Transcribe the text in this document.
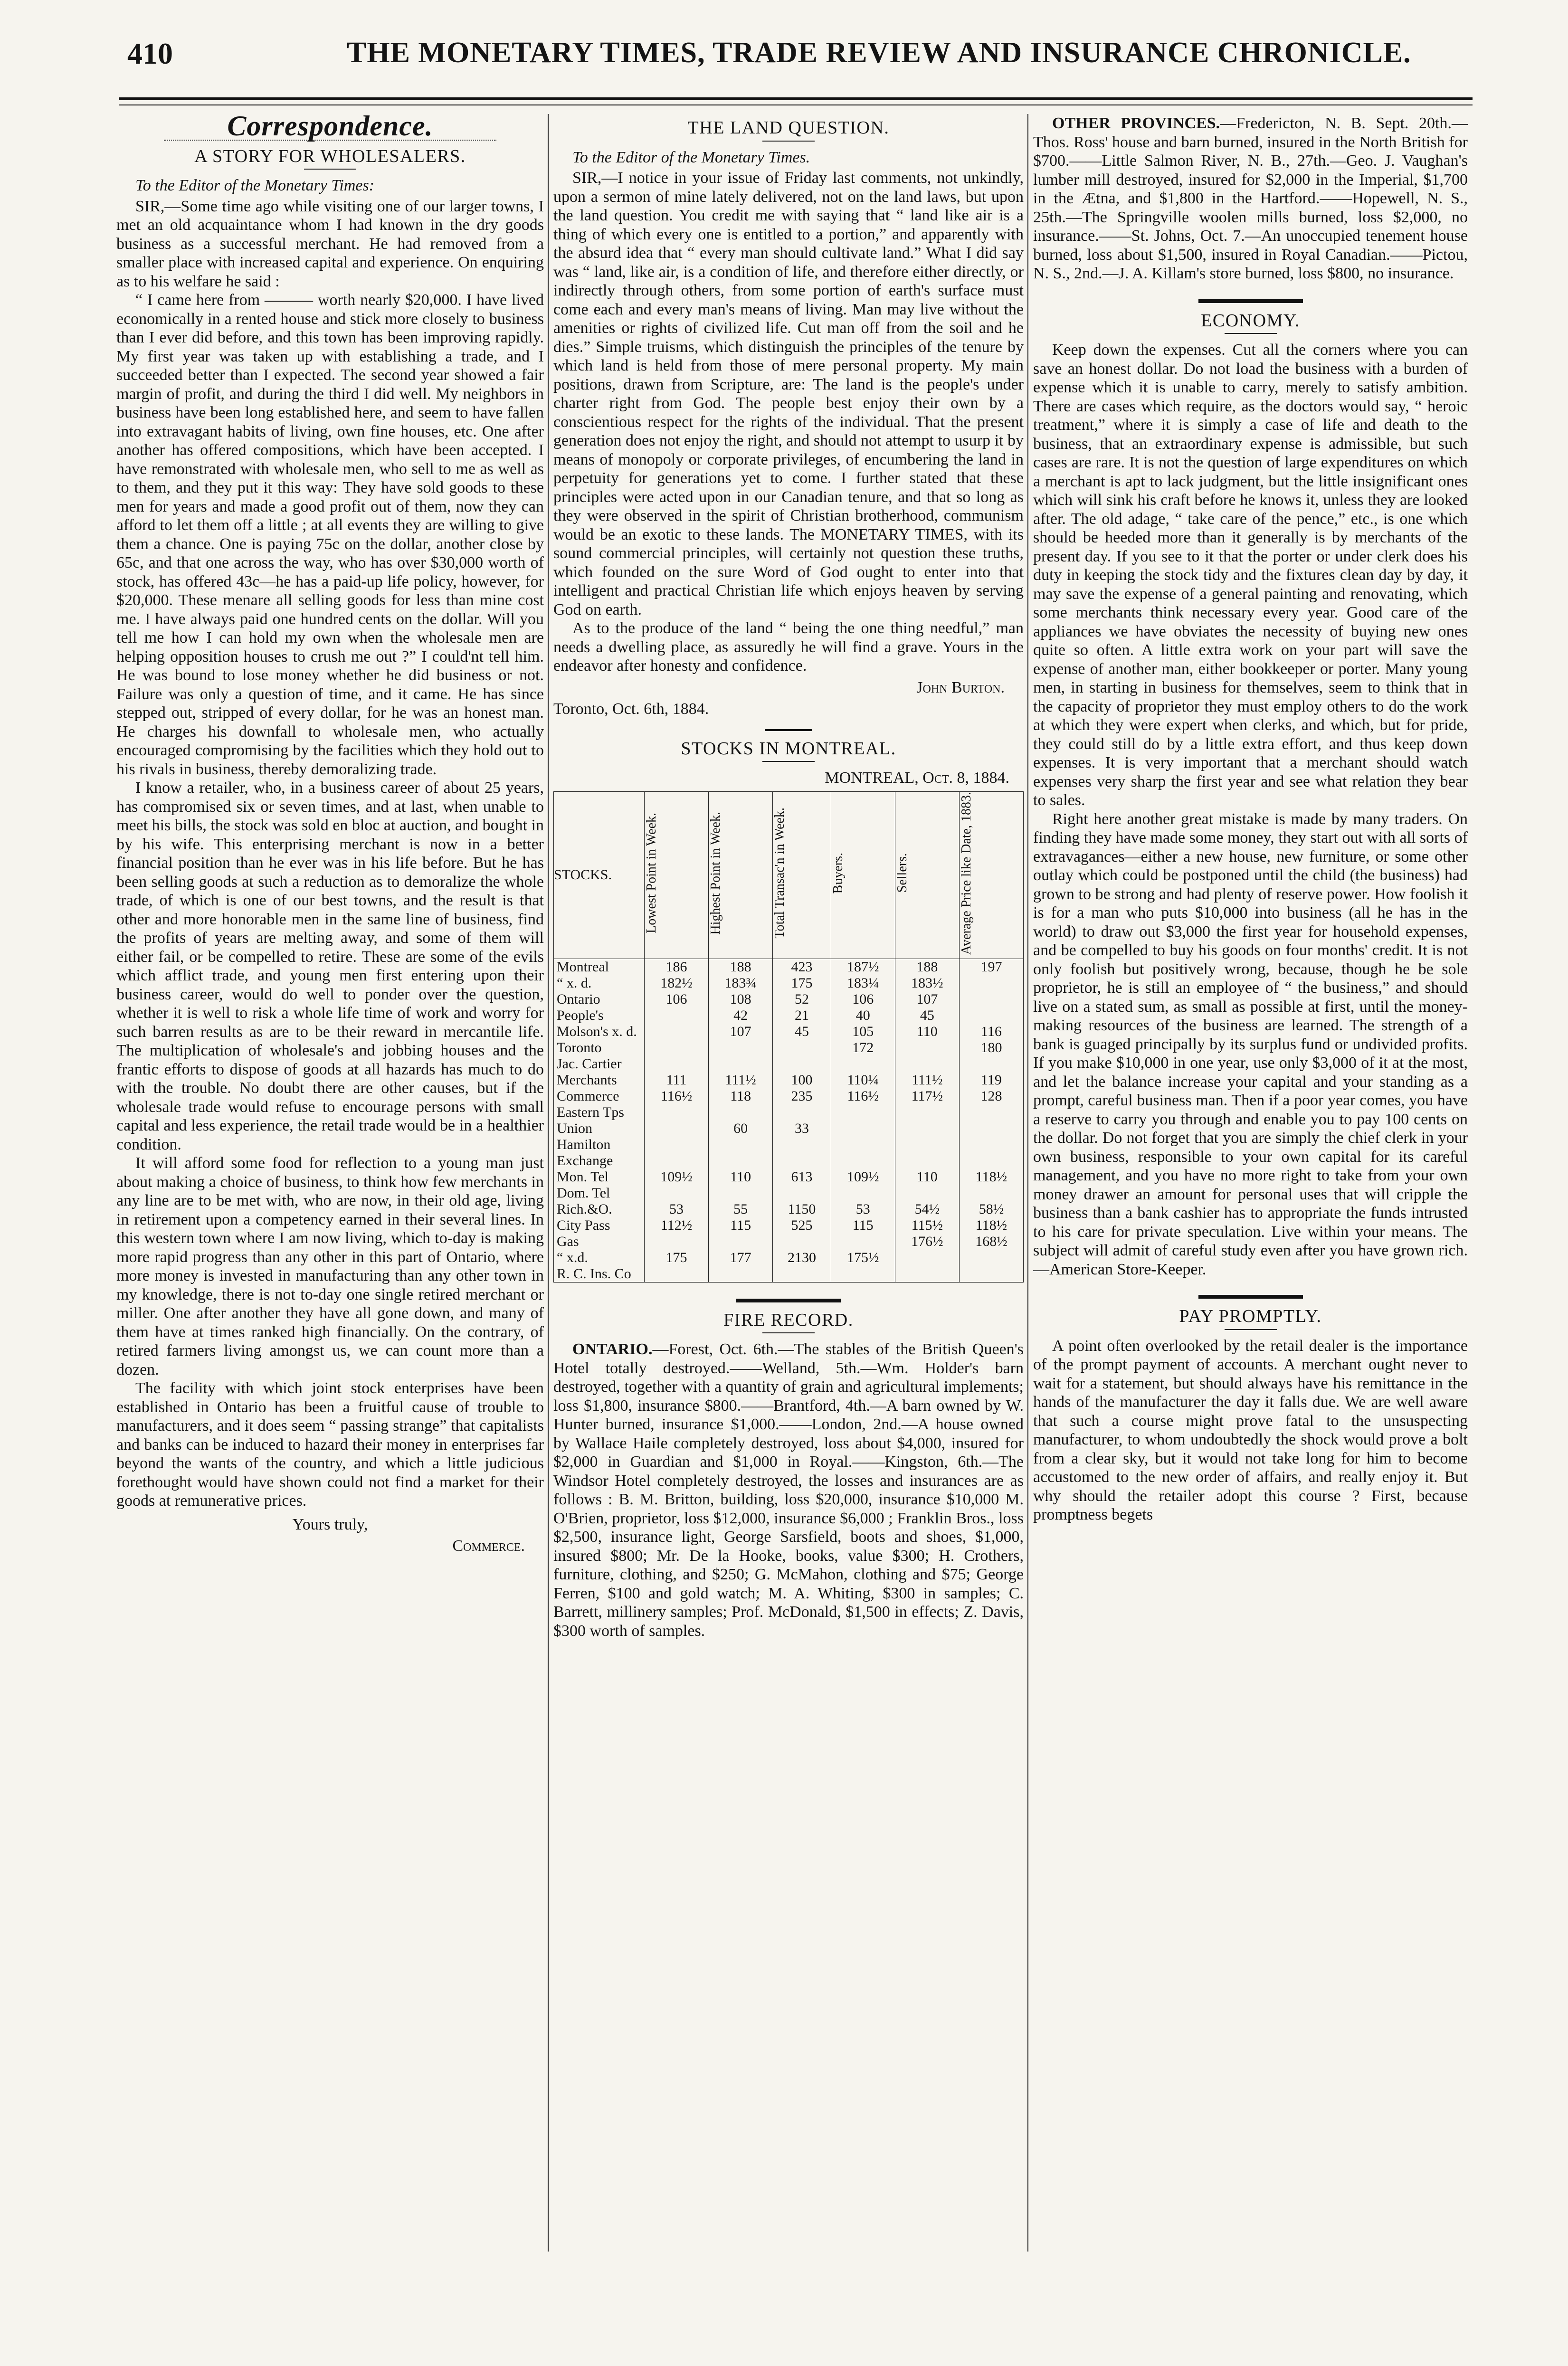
410	THE MONETARY TIMES, TRADE REVIEW AND INSURANCE CHRONICLE.
Correspondence.
A STORY FOR WHOLESALERS.
To the Editor of the Monetary Times:

SIR,—Some time ago while visiting one of our larger towns, I met an old acquaintance whom I had known in the dry goods business as a successful merchant. He had removed from a smaller place with increased capital and experience. On enquiring as to his welfare he said :

“ I came here from ——— worth nearly $20,000. I have lived economically in a rented house and stick more closely to business than I ever did before, and this town has been improving rapidly. My first year was taken up with establishing a trade, and I succeeded better than I expected. The second year showed a fair margin of profit, and during the third I did well. My neighbors in business have been long established here, and seem to have fallen into extravagant habits of living, own fine houses, etc. One after another has offered compositions, which have been accepted. I have remonstrated with wholesale men, who sell to me as well as to them, and they put it this way: They have sold goods to these men for years and made a good profit out of them, now they can afford to let them off a little ; at all events they are willing to give them a chance. One is paying 75c on the dollar, another close by 65c, and that one across the way, who has over $30,000 worth of stock, has offered 43c—he has a paid-up life policy, however, for $20,000. These menare all selling goods for less than mine cost me. I have always paid one hundred cents on the dollar. Will you tell me how I can hold my own when the wholesale men are helping opposition houses to crush me out ?” I could'nt tell him. He was bound to lose money whether he did business or not. Failure was only a question of time, and it came. He has since stepped out, stripped of every dollar, for he was an honest man. He charges his downfall to wholesale men, who actually encouraged compromising by the facilities which they hold out to his rivals in business, thereby demoralizing trade.

I know a retailer, who, in a business career of about 25 years, has compromised six or seven times, and at last, when unable to meet his bills, the stock was sold en bloc at auction, and bought in by his wife. This enterprising merchant is now in a better financial position than he ever was in his life before. But he has been selling goods at such a reduction as to demoralize the whole trade, of which is one of our best towns, and the result is that other and more honorable men in the same line of business, find the profits of years are melting away, and some of them will either fail, or be compelled to retire. These are some of the evils which afflict trade, and young men first entering upon their business career, would do well to ponder over the question, whether it is well to risk a whole life time of work and worry for such barren results as are to be their reward in mercantile life. The multiplication of wholesale's and jobbing houses and the frantic efforts to dispose of goods at all hazards has much to do with the trouble. No doubt there are other causes, but if the wholesale trade would refuse to encourage persons with small capital and less experience, the retail trade would be in a healthier condition.

It will afford some food for reflection to a young man just about making a choice of business, to think how few merchants in any line are to be met with, who are now, in their old age, living in retirement upon a competency earned in their several lines. In this western town where I am now living, which to-day is making more rapid progress than any other in this part of Ontario, where more money is invested in manufacturing than any other town in my knowledge, there is not to-day one single retired merchant or miller. One after another they have all gone down, and many of them have at times ranked high financially. On the contrary, of retired farmers living amongst us, we can count more than a dozen.

The facility with which joint stock enterprises have been established in Ontario has been a fruitful cause of trouble to manufacturers, and it does seem “ passing strange” that capitalists and banks can be induced to hazard their money in enterprises far beyond the wants of the country, and which a little judicious forethought would have shown could not find a market for their goods at remunerative prices.

Yours truly,
Commerce.
THE LAND QUESTION.
To the Editor of the Monetary Times.

SIR,—I notice in your issue of Friday last comments, not unkindly, upon a sermon of mine lately delivered, not on the land laws, but upon the land question. You credit me with saying that “ land like air is a thing of which every one is entitled to a portion,” and apparently with the absurd idea that “ every man should cultivate land.” What I did say was “ land, like air, is a condition of life, and therefore either directly, or indirectly through others, from some portion of earth's surface must come each and every man's means of living. Man may live without the amenities or rights of civilized life. Cut man off from the soil and he dies.” Simple truisms, which distinguish the principles of the tenure by which land is held from those of mere personal property. My main positions, drawn from Scripture, are: The land is the people's under charter right from God. The people best enjoy their own by a conscientious respect for the rights of the individual. That the present generation does not enjoy the right, and should not attempt to usurp it by means of monopoly or corporate privileges, of encumbering the land in perpetuity for generations yet to come. I further stated that these principles were acted upon in our Canadian tenure, and that so long as they were observed in the spirit of Christian brotherhood, communism would be an exotic to these lands. The MONETARY TIMES, with its sound commercial principles, will certainly not question these truths, which founded on the sure Word of God ought to enter into that intelligent and practical Christian life which enjoys heaven by serving God on earth.

As to the produce of the land “ being the one thing needful,” man needs a dwelling place, as assuredly he will find a grave. Yours in the endeavor after honesty and confidence.

John Burton.
Toronto, Oct. 6th, 1884.
STOCKS IN MONTREAL.
MONTREAL, Oct. 8, 1884.
STOCKS.	Lowest Point in Week.	Highest Point in Week.	Total Transac'n in Week.	Buyers.	Sellers.	Average Price like Date, 1883.
Montreal	186	188	423	187½	188	197
“ x. d.	182½	183¾	175	183¼	183½	
Ontario	106	108	52	106	107	
People's		42	21	40	45	
Molson's x. d.		107	45	105	110	116
Toronto				172		180
Jac. Cartier						
Merchants	111	111½	100	110¼	111½	119
Commerce	116½	118	235	116½	117½	128
Eastern Tps						
Union		60	33			
Hamilton						
Exchange						
Mon. Tel	109½	110	613	109½	110	118½
Dom. Tel						
Rich.&O.	53	55	1150	53	54½	58½
City Pass	112½	115	525	115	115½	118½
Gas					176½	168½
“ x.d.	175	177	2130	175½		
R. C. Ins. Co						
FIRE RECORD.

ONTARIO.—Forest, Oct. 6th.—The stables of the British Queen's Hotel totally destroyed.——Welland, 5th.—Wm. Holder's barn destroyed, together with a quantity of grain and agricultural implements; loss $1,800, insurance $800.——Brantford, 4th.—A barn owned by W. Hunter burned, insurance $1,000.——London, 2nd.—A house owned by Wallace Haile completely destroyed, loss about $4,000, insured for $2,000 in Guardian and $1,000 in Royal.——Kingston, 6th.—The Windsor Hotel completely destroyed, the losses and insurances are as follows : B. M. Britton, building, loss $20,000, insurance $10,000 M. O'Brien, proprietor, loss $12,000, insurance $6,000 ; Franklin Bros., loss $2,500, insurance light, George Sarsfield, boots and shoes, $1,000, insured $800; Mr. De la Hooke, books, value $300; H. Crothers, furniture, clothing, and $250; G. McMahon, clothing and $75; George Ferren, $100 and gold watch; M. A. Whiting, $300 in samples; C. Barrett, millinery samples; Prof. McDonald, $1,500 in effects; Z. Davis, $300 worth of samples.

OTHER PROVINCES.—Fredericton, N. B. Sept. 20th.—Thos. Ross' house and barn burned, insured in the North British for $700.——Little Salmon River, N. B., 27th.—Geo. J. Vaughan's lumber mill destroyed, insured for $2,000 in the Imperial, $1,700 in the Ætna, and $1,800 in the Hartford.——Hopewell, N. S., 25th.—The Springville woolen mills burned, loss $2,000, no insurance.——St. Johns, Oct. 7.—An unoccupied tenement house burned, loss about $1,500, insured in Royal Canadian.——Pictou, N. S., 2nd.—J. A. Killam's store burned, loss $800, no insurance.

ECONOMY.

Keep down the expenses. Cut all the corners where you can save an honest dollar. Do not load the business with a burden of expense which it is unable to carry, merely to satisfy ambition. There are cases which require, as the doctors would say, “ heroic treatment,” where it is simply a case of life and death to the business, that an extraordinary expense is admissible, but such cases are rare. It is not the question of large expenditures on which a merchant is apt to lack judgment, but the little insignificant ones which will sink his craft before he knows it, unless they are looked after. The old adage, “ take care of the pence,” etc., is one which should be heeded more than it generally is by merchants of the present day. If you see to it that the porter or under clerk does his duty in keeping the stock tidy and the fixtures clean day by day, it may save the expense of a general painting and renovating, which some merchants think necessary every year. Good care of the appliances we have obviates the necessity of buying new ones quite so often. A little extra work on your part will save the expense of another man, either bookkeeper or porter. Many young men, in starting in business for themselves, seem to think that in the capacity of proprietor they must employ others to do the work at which they were expert when clerks, and which, but for pride, they could still do by a little extra effort, and thus keep down expenses. It is very important that a merchant should watch expenses very sharp the first year and see what relation they bear to sales.

Right here another great mistake is made by many traders. On finding they have made some money, they start out with all sorts of extravagances—either a new house, new furniture, or some other outlay which could be postponed until the child (the business) had grown to be strong and had plenty of reserve power. How foolish it is for a man who puts $10,000 into business (all he has in the world) to draw out $3,000 the first year for household expenses, and be compelled to buy his goods on four months' credit. It is not only foolish but positively wrong, because, though he be sole proprietor, he is still an employee of “ the business,” and should live on a stated sum, as small as possible at first, until the money-making resources of the business are learned. The strength of a bank is guaged principally by its surplus fund or undivided profits. If you make $10,000 in one year, use only $3,000 of it at the most, and let the balance increase your capital and your standing as a prompt, careful business man. Then if a poor year comes, you have a reserve to carry you through and enable you to pay 100 cents on the dollar. Do not forget that you are simply the chief clerk in your own business, responsible to your own capital for its careful management, and you have no more right to take from your own money drawer an amount for personal uses that will cripple the business than a bank cashier has to appropriate the funds intrusted to his care for private speculation. Live within your means. The subject will admit of careful study even after you have grown rich.—American Store-Keeper.

PAY PROMPTLY.

A point often overlooked by the retail dealer is the importance of the prompt payment of accounts. A merchant ought never to wait for a statement, but should always have his remittance in the hands of the manufacturer the day it falls due. We are well aware that such a course might prove fatal to the unsuspecting manufacturer, to whom undoubtedly the shock would prove a bolt from a clear sky, but it would not take long for him to become accustomed to the new order of affairs, and really enjoy it. But why should the retailer adopt this course ? First, because promptness begets
